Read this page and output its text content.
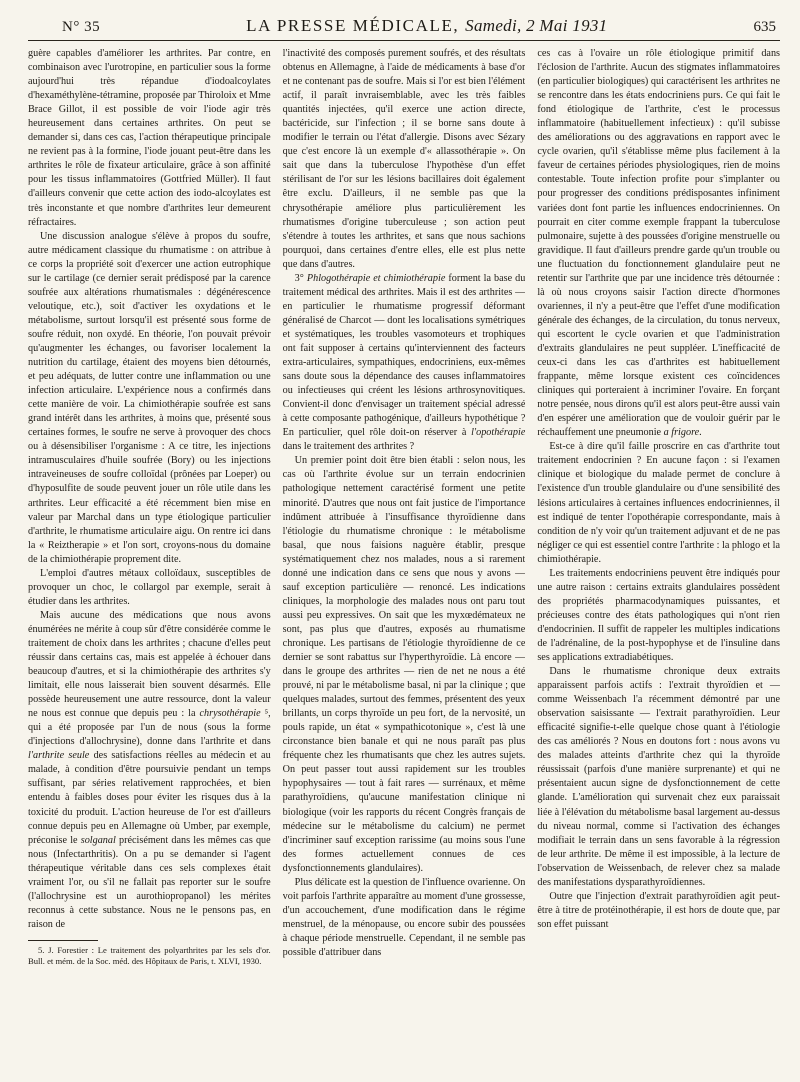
N° 35	LA PRESSE MÉDICALE, Samedi, 2 Mai 1931	635

guère capables d'améliorer les arthrites. Par contre, en combinaison avec l'urotropine, en particulier sous la forme aujourd'hui très répandue d'iodoalcoylates d'hexaméthylène-tétramine, proposée par Thiroloix et Mme Brace Gillot, il est possible de voir l'iode agir très heureusement dans certaines arthrites. On peut se demander si, dans ces cas, l'action thérapeutique principale ne revient pas à la formine, l'iode jouant peut-être dans les arthrites le rôle de fixateur articulaire, grâce à son affinité pour les tissus inflammatoires (Gottfried Müller). Il faut d'ailleurs convenir que cette action des iodo-alcoylates est très inconstante et que nombre d'arthrites leur demeurent réfractaires.

Une discussion analogue s'élève à propos du soufre, autre médicament classique du rhumatisme : on attribue à ce corps la propriété soit d'exercer une action eutrophique sur le cartilage (ce dernier serait prédisposé par la carence soufrée aux altérations rhumatismales : dégénérescence veloutique, etc.), soit d'activer les oxydations et le métabolisme, surtout lorsqu'il est présenté sous forme de soufre réduit, non oxydé. En théorie, l'on pouvait prévoir qu'augmenter les échanges, ou favoriser localement la nutrition du cartilage, étaient des moyens bien détournés, et peu adéquats, de lutter contre une inflammation ou une infection articulaire. L'expérience nous a confirmés dans cette manière de voir. La chimiothérapie soufrée est sans grand intérêt dans les arthrites, à moins que, présenté sous certaines formes, le soufre ne serve à provoquer des chocs ou à désensibiliser l'organisme : A ce titre, les injections intramusculaires d'huile soufrée (Bory) ou les injections intraveineuses de soufre colloïdal (prônées par Loeper) ou d'hyposulfite de soude peuvent jouer un rôle utile dans les arthrites. Leur efficacité a été récemment bien mise en valeur par Marchal dans un type étiologique particulier d'arthrite, le rhumatisme articulaire aigu. On rentre ici dans la « Reiztherapie » et l'on sort, croyons-nous du domaine de la chimiothérapie proprement dite.

L'emploi d'autres métaux colloïdaux, susceptibles de provoquer un choc, le collargol par exemple, serait à étudier dans les arthrites.

Mais aucune des médications que nous avons énumérées ne mérite à coup sûr d'être considérée comme le traitement de choix dans les arthrites ; chacune d'elles peut réussir dans certains cas, mais est appelée à échouer dans beaucoup d'autres, et si la chimiothérapie des arthrites s'y limitait, elle nous laisserait bien souvent désarmés. Elle possède heureusement une autre ressource, dont la valeur ne nous est connue que depuis peu : la chrysothérapie ⁵, qui a été proposée par l'un de nous (sous la forme d'injections d'allochrysine), donne dans l'arthrite et dans l'arthrite seule des satisfactions réelles au médecin et au malade, à condition d'être poursuivie pendant un temps suffisant, par séries relativement rapprochées, et bien entendu à faibles doses pour éviter les risques dus à la toxicité du produit. L'action heureuse de l'or est d'ailleurs connue depuis peu en Allemagne où Umber, par exemple, préconise le solganal précisément dans les mêmes cas que nous (Infectarthritis). On a pu se demander si l'agent thérapeutique véritable dans ces sels complexes était vraiment l'or, ou s'il ne fallait pas reporter sur le soufre (l'allochrysine est un aurothiopropanol) les mérites reconnus à cette substance. Nous ne le pensons pas, en raison de

5. J. Forestier : Le traitement des polyarthrites par les sels d'or. Bull. et mém. de la Soc. méd. des Hôpitaux de Paris, t. XLVI, 1930.

l'inactivité des composés purement soufrés, et des résultats obtenus en Allemagne, à l'aide de médicaments à base d'or et ne contenant pas de soufre. Mais si l'or est bien l'élément actif, il paraît invraisemblable, avec les très faibles quantités injectées, qu'il exerce une action directe, bactéricide, sur l'infection ; il se borne sans doute à modifier le terrain ou l'état d'allergie. Disons avec Sézary que c'est encore là un exemple d'« allassothérapie ». On sait que dans la tuberculose l'hypothèse d'un effet stérilisant de l'or sur les lésions bacillaires doit également être exclu. D'ailleurs, il ne semble pas que la chrysothérapie améliore plus particulièrement les rhumatismes d'origine tuberculeuse ; son action peut s'étendre à toutes les arthrites, et sans que nous sachions pourquoi, dans certaines d'entre elles, elle est plus nette que dans d'autres.

3° Phlogothérapie et chimiothérapie forment la base du traitement médical des arthrites. Mais il est des arthrites — en particulier le rhumatisme progressif déformant généralisé de Charcot — dont les localisations symétriques et systématiques, les troubles vasomoteurs et trophiques ont fait supposer à certains qu'interviennent des facteurs extra-articulaires, sympathiques, endocriniens, eux-mêmes sans doute sous la dépendance des causes inflammatoires ou infectieuses qui créent les lésions arthrosynovitiques. Convient-il donc d'envisager un traitement spécial adressé à cette composante pathogénique, d'ailleurs hypothétique ? En particulier, quel rôle doit-on réserver à l'opothérapie dans le traitement des arthrites ?

Un premier point doit être bien établi : selon nous, les cas où l'arthrite évolue sur un terrain endocrinien pathologique nettement caractérisé forment une petite minorité. D'autres que nous ont fait justice de l'importance indûment attribuée à l'insuffisance thyroïdienne dans l'étiologie du rhumatisme chronique : le métabolisme basal, que nous faisions naguère établir, presque systématiquement chez nos malades, nous a si rarement donné une indication dans ce sens que nous y avons — sauf exception particulière — renoncé. Les indications cliniques, la morphologie des malades nous ont paru tout aussi peu expressives. On sait que les myxœdémateux ne sont, pas plus que d'autres, exposés au rhumatisme chronique. Les partisans de l'étiologie thyroïdienne de ce dernier se sont rabattus sur l'hyperthyroïdie. Là encore — dans le groupe des arthrites — rien de net ne nous a été prouvé, ni par le métabolisme basal, ni par la clinique ; que quelques malades, surtout des femmes, présentent des yeux brillants, un corps thyroïde un peu fort, de la nervosité, un pouls rapide, un état « sympathicotonique », c'est là une circonstance bien banale et qui ne nous paraît pas plus fréquente chez les rhumatisants que chez les autres sujets. On peut passer tout aussi rapidement sur les troubles hypophysaires — tout à fait rares — surrénaux, et même parathyroïdiens, qu'aucune manifestation clinique ni biologique (voir les rapports du récent Congrès français de médecine sur le métabolisme du calcium) ne permet d'incriminer sauf exception rarissime (au moins sous l'une des formes actuellement connues de ces dysfonctionnements glandulaires).

Plus délicate est la question de l'influence ovarienne. On voit parfois l'arthrite apparaître au moment d'une grossesse, d'un accouchement, d'une modification dans le régime menstruel, de la ménopause, ou encore subir des poussées à chaque période menstruelle. Cependant, il ne semble pas possible d'attribuer dans

ces cas à l'ovaire un rôle étiologique primitif dans l'éclosion de l'arthrite. Aucun des stigmates inflammatoires (en particulier biologiques) qui caractérisent les arthrites ne se rencontre dans les états endocriniens purs. Ce qui fait le fond étiologique de l'arthrite, c'est le processus inflammatoire (habituellement infectieux) : qu'il subisse des améliorations ou des aggravations en rapport avec le cycle ovarien, qu'il s'établisse même plus facilement à la faveur de certaines périodes physiologiques, rien de moins contestable. Toute infection profite pour s'implanter ou pour progresser des conditions prédisposantes infiniment variées dont font partie les influences endocriniennes. On pourrait en citer comme exemple frappant la tuberculose pulmonaire, sujette à des poussées d'origine menstruelle ou gravidique. Il faut d'ailleurs prendre garde qu'un trouble ou une fluctuation du fonctionnement glandulaire peut ne retentir sur l'arthrite que par une incidence très détournée : là où nous croyons saisir l'action directe d'hormones ovariennes, il n'y a peut-être que l'effet d'une modification générale des échanges, de la circulation, du tonus nerveux, qui escortent le cycle ovarien et que l'administration d'extraits glandulaires ne peut suppléer. L'inefficacité de ceux-ci dans les cas d'arthrites est habituellement frappante, même lorsque existent ces coïncidences cliniques qui porteraient à incriminer l'ovaire. En forçant notre pensée, nous dirons qu'il est alors peut-être aussi vain d'en espérer une amélioration que de vouloir guérir par le réchauffement une pneumonie a frigore.

Est-ce à dire qu'il faille proscrire en cas d'arthrite tout traitement endocrinien ? En aucune façon : si l'examen clinique et biologique du malade permet de conclure à l'existence d'un trouble glandulaire ou d'une sensibilité des lésions articulaires à certaines influences endocriniennes, il est indiqué de tenter l'opothérapie correspondante, mais à condition de n'y voir qu'un traitement adjuvant et de ne pas négliger ce qui est essentiel contre l'arthrite : la phlogo et la chimiothérapie.

Les traitements endocriniens peuvent être indiqués pour une autre raison : certains extraits glandulaires possèdent des propriétés pharmacodynamiques puissantes, et précieuses contre des états pathologiques qui n'ont rien d'endocrinien. Il suffit de rappeler les multiples indications de l'adrénaline, de la post-hypophyse et de l'insuline dans ses applications extradiabétiques.

Dans le rhumatisme chronique deux extraits apparaissent parfois actifs : l'extrait thyroïdien et — comme Weissenbach l'a récemment démontré par une observation saisissante — l'extrait parathyroïdien. Leur efficacité signifie-t-elle quelque chose quant à l'étiologie des cas améliorés ? Nous en doutons fort : nous avons vu des malades atteints d'arthrite chez qui la thyroïde réussissait (parfois d'une manière surprenante) et qui ne présentaient aucun signe de dysfonctionnement de cette glande. L'amélioration qui survenait chez eux paraissait liée à l'élévation du métabolisme basal largement au-dessus du niveau normal, comme si l'activation des échanges modifiait le terrain dans un sens favorable à la régression de leur arthrite. De même il est impossible, à la lecture de l'observation de Weissenbach, de relever chez sa malade des manifestations dysparathyroïdiennes.

Outre que l'injection d'extrait parathyroïdien agit peut-être à titre de protéinothérapie, il est hors de doute que, par son effet puissant
